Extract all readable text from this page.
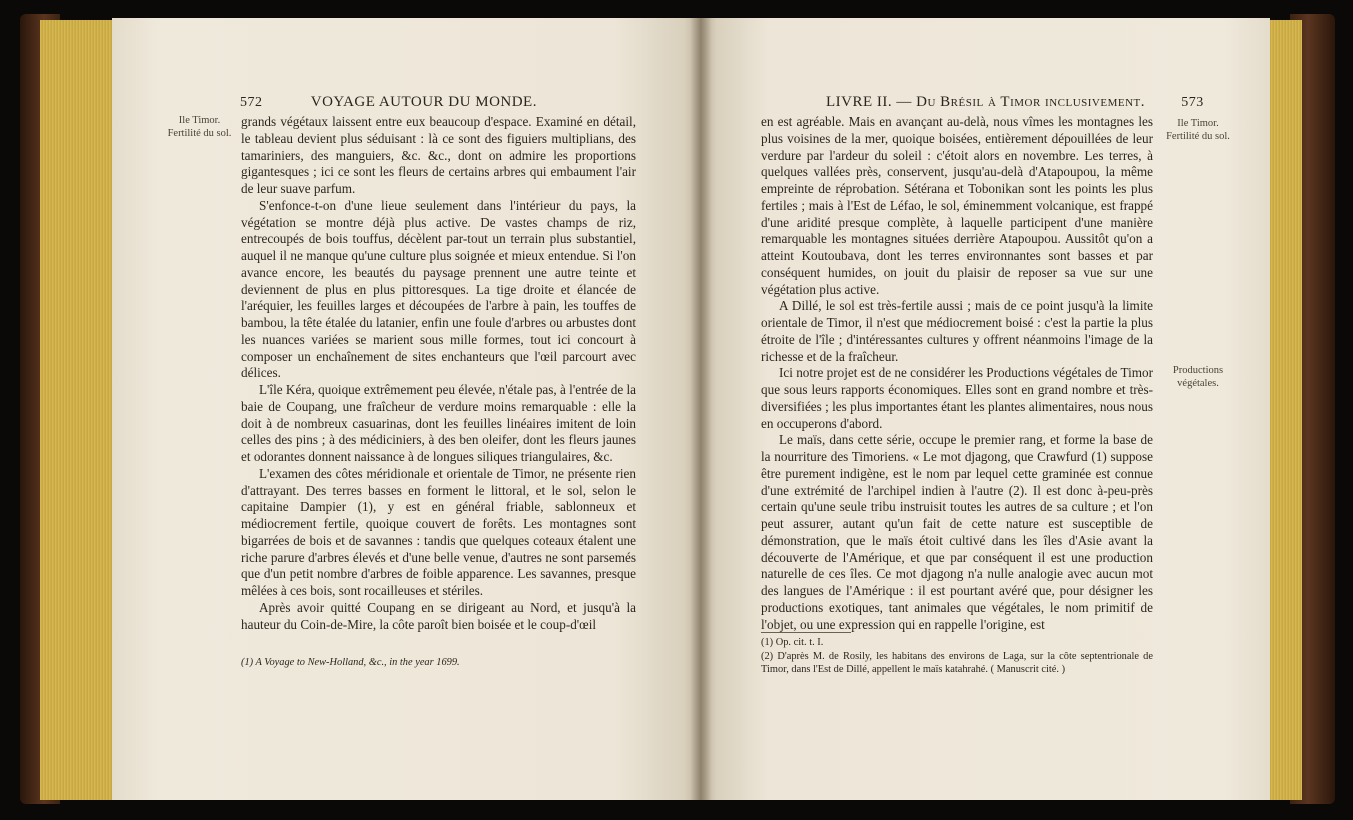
572	VOYAGE AUTOUR DU MONDE.
Ile Timor.
Fertilité du sol.

grands végétaux laissent entre eux beaucoup d'espace. Examiné en détail, le tableau devient plus séduisant : là ce sont des figuiers multiplians, des tamariniers, des manguiers, &c. &c., dont on admire les proportions gigantesques ; ici ce sont les fleurs de certains arbres qui embaument l'air de leur suave parfum.

S'enfonce-t-on d'une lieue seulement dans l'intérieur du pays, la végétation se montre déjà plus active. De vastes champs de riz, entrecoupés de bois touffus, décèlent par-tout un terrain plus substantiel, auquel il ne manque qu'une culture plus soignée et mieux entendue. Si l'on avance encore, les beautés du paysage prennent une autre teinte et deviennent de plus en plus pittoresques. La tige droite et élancée de l'aréquier, les feuilles larges et découpées de l'arbre à pain, les touffes de bambou, la tête étalée du latanier, enfin une foule d'arbres ou arbustes dont les nuances variées se marient sous mille formes, tout ici concourt à composer un enchaînement de sites enchanteurs que l'œil parcourt avec délices.

L'île Kéra, quoique extrêmement peu élevée, n'étale pas, à l'entrée de la baie de Coupang, une fraîcheur de verdure moins remarquable : elle la doit à de nombreux casuarinas, dont les feuilles linéaires imitent de loin celles des pins ; à des médiciniers, à des ben oleifer, dont les fleurs jaunes et odorantes donnent naissance à de longues siliques triangulaires, &c.

L'examen des côtes méridionale et orientale de Timor, ne présente rien d'attrayant. Des terres basses en forment le littoral, et le sol, selon le capitaine Dampier (1), y est en général friable, sablonneux et médiocrement fertile, quoique couvert de forêts. Les montagnes sont bigarrées de bois et de savannes : tandis que quelques coteaux étalent une riche parure d'arbres élevés et d'une belle venue, d'autres ne sont parsemés que d'un petit nombre d'arbres de foible apparence. Les savannes, presque mêlées à ces bois, sont rocailleuses et stériles.

Après avoir quitté Coupang en se dirigeant au Nord, et jusqu'à la hauteur du Coin-de-Mire, la côte paroît bien boisée et le coup-d'œil

(1) A Voyage to New-Holland, &c., in the year 1699.
LIVRE II. — Du Brésil à Timor inclusivement.	573
Ile Timor.
Fertilité du sol.
Productions végétales.

en est agréable. Mais en avançant au-delà, nous vîmes les montagnes les plus voisines de la mer, quoique boisées, entièrement dépouillées de leur verdure par l'ardeur du soleil : c'étoit alors en novembre. Les terres, à quelques vallées près, conservent, jusqu'au-delà d'Atapoupou, la même empreinte de réprobation. Sétérana et Tobonikan sont les points les plus fertiles ; mais à l'Est de Léfao, le sol, éminemment volcanique, est frappé d'une aridité presque complète, à laquelle participent d'une manière remarquable les montagnes situées derrière Atapoupou. Aussitôt qu'on a atteint Koutoubava, dont les terres environnantes sont basses et par conséquent humides, on jouit du plaisir de reposer sa vue sur une végétation plus active.

A Dillé, le sol est très-fertile aussi ; mais de ce point jusqu'à la limite orientale de Timor, il n'est que médiocrement boisé : c'est la partie la plus étroite de l'île ; d'intéressantes cultures y offrent néanmoins l'image de la richesse et de la fraîcheur.

Ici notre projet est de ne considérer les Productions végétales de Timor que sous leurs rapports économiques. Elles sont en grand nombre et très-diversifiées ; les plus importantes étant les plantes alimentaires, nous nous en occuperons d'abord.

Le maïs, dans cette série, occupe le premier rang, et forme la base de la nourriture des Timoriens. « Le mot djagong, que Crawfurd (1) suppose être purement indigène, est le nom par lequel cette graminée est connue d'une extrémité de l'archipel indien à l'autre (2). Il est donc à-peu-près certain qu'une seule tribu instruisit toutes les autres de sa culture ; et l'on peut assurer, autant qu'un fait de cette nature est susceptible de démonstration, que le maïs étoit cultivé dans les îles d'Asie avant la découverte de l'Amérique, et que par conséquent il est une production naturelle de ces îles. Ce mot djagong n'a nulle analogie avec aucun mot des langues de l'Amérique : il est pourtant avéré que, pour désigner les productions exotiques, tant animales que végétales, le nom primitif de l'objet, ou une expression qui en rappelle l'origine, est

(1) Op. cit. t. I.
(2) D'après M. de Rosily, les habitans des environs de Laga, sur la côte septentrionale de Timor, dans l'Est de Dillé, appellent le maïs katahrahé. ( Manuscrit cité. )
